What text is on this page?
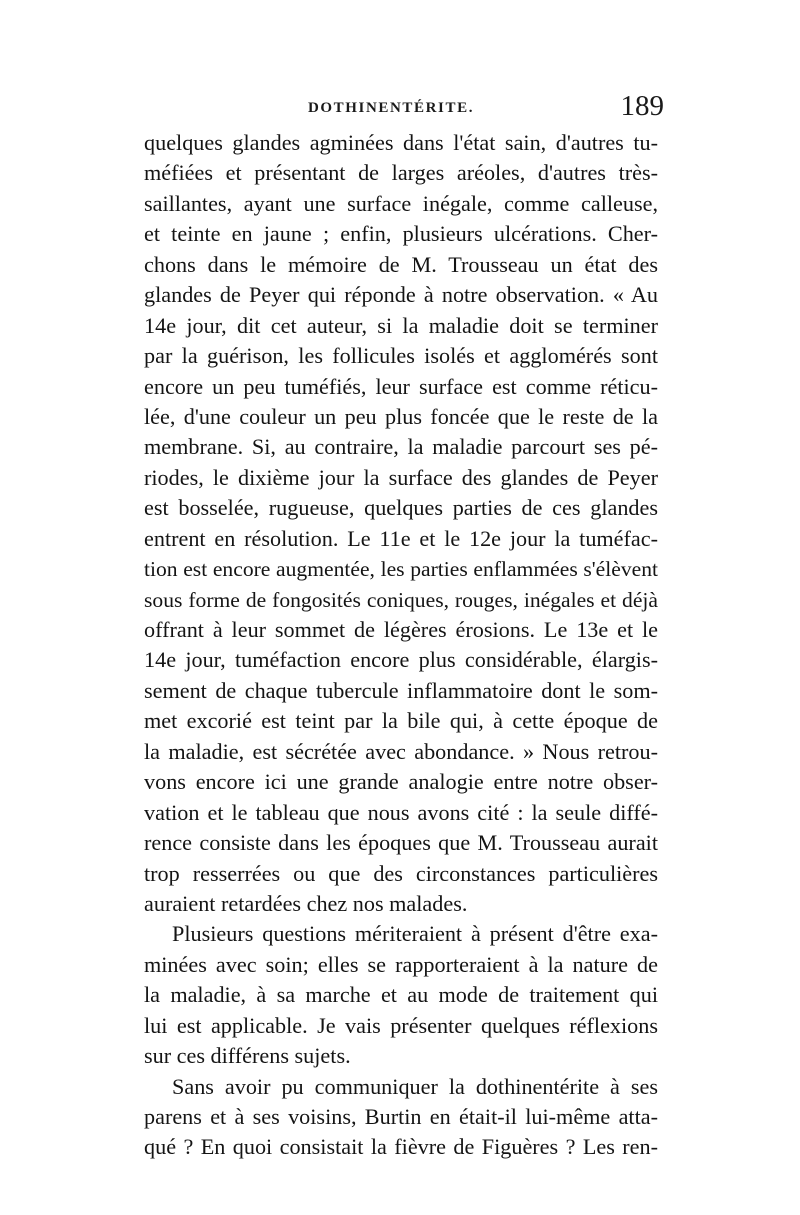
DOTHINENTÉRITE.	189
quelques glandes agminées dans l'état sain, d'autres tu-
méfiées et présentant de larges aréoles, d'autres très-
saillantes, ayant une surface inégale, comme calleuse,
et teinte en jaune ; enfin, plusieurs ulcérations. Cher-
chons dans le mémoire de M. Trousseau un état des
glandes de Peyer qui réponde à notre observation. « Au
14e jour, dit cet auteur, si la maladie doit se terminer
par la guérison, les follicules isolés et agglomérés sont
encore un peu tuméfiés, leur surface est comme réticu-
lée, d'une couleur un peu plus foncée que le reste de la
membrane. Si, au contraire, la maladie parcourt ses pé-
riodes, le dixième jour la surface des glandes de Peyer
est bosselée, rugueuse, quelques parties de ces glandes
entrent en résolution. Le 11e et le 12e jour la tuméfac-
tion est encore augmentée, les parties enflammées s'élèvent
sous forme de fongosités coniques, rouges, inégales et déjà
offrant à leur sommet de légères érosions. Le 13e et le
14e jour, tuméfaction encore plus considérable, élargis-
sement de chaque tubercule inflammatoire dont le som-
met excorié est teint par la bile qui, à cette époque de
la maladie, est sécrétée avec abondance. » Nous retrou-
vons encore ici une grande analogie entre notre obser-
vation et le tableau que nous avons cité : la seule diffé-
rence consiste dans les époques que M. Trousseau aurait
trop resserrées ou que des circonstances particulières
auraient retardées chez nos malades.
Plusieurs questions mériteraient à présent d'être exa-
minées avec soin; elles se rapporteraient à la nature de
la maladie, à sa marche et au mode de traitement qui
lui est applicable. Je vais présenter quelques réflexions
sur ces différens sujets.
Sans avoir pu communiquer la dothinentérite à ses
parens et à ses voisins, Burtin en était-il lui-même atta-
qué ? En quoi consistait la fièvre de Figuères ? Les ren-
